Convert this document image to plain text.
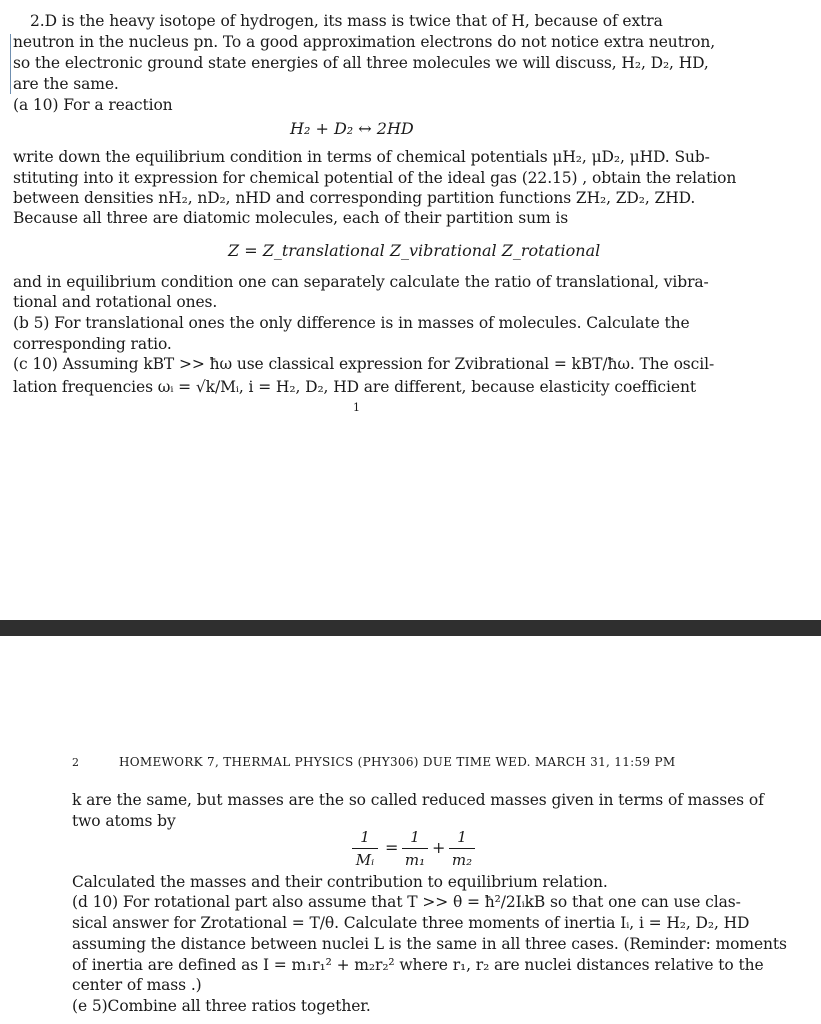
2.D is the heavy isotope of hydrogen, its mass is twice that of H, because of extra
neutron in the nucleus pn. To a good approximation electrons do not notice extra neutron,
so the electronic ground state energies of all three molecules we will discuss, H₂, D₂, HD,
are the same.
(a 10) For a reaction
H₂ + D₂ ↔ 2HD
write down the equilibrium condition in terms of chemical potentials μH₂, μD₂, μHD. Sub-
stituting into it expression for chemical potential of the ideal gas (22.15) , obtain the relation
between densities nH₂, nD₂, nHD and corresponding partition functions ZH₂, ZD₂, ZHD.
Because all three are diatomic molecules, each of their partition sum is
Z = Z_translational Z_vibrational Z_rotational
and in equilibrium condition one can separately calculate the ratio of translational, vibra-
tional and rotational ones.
(b 5) For translational ones the only difference is in masses of molecules. Calculate the
corresponding ratio.
(c 10) Assuming kBT >> ħω use classical expression for Zvibrational = kBT/ħω. The oscil-
lation frequencies ωᵢ = √k/Mᵢ, i = H₂, D₂, HD are different, because elasticity coefficient
1
2	HOMEWORK 7, THERMAL PHYSICS (PHY306) DUE TIME WED. MARCH 31, 11:59 PM
k are the same, but masses are the so called reduced masses given in terms of masses of
two atoms by
1
Mᵢ
=
1
m₁
+
1
m₂
Calculated the masses and their contribution to equilibrium relation.
(d 10) For rotational part also assume that T >> θ = ħ²/2IᵢkB so that one can use clas-
sical answer for Zrotational = T/θ. Calculate three moments of inertia Iᵢ, i = H₂, D₂, HD
assuming the distance between nuclei L is the same in all three cases. (Reminder: moments
of inertia are defined as I = m₁r₁² + m₂r₂² where r₁, r₂ are nuclei distances relative to the
center of mass .)
(e 5)Combine all three ratios together.
